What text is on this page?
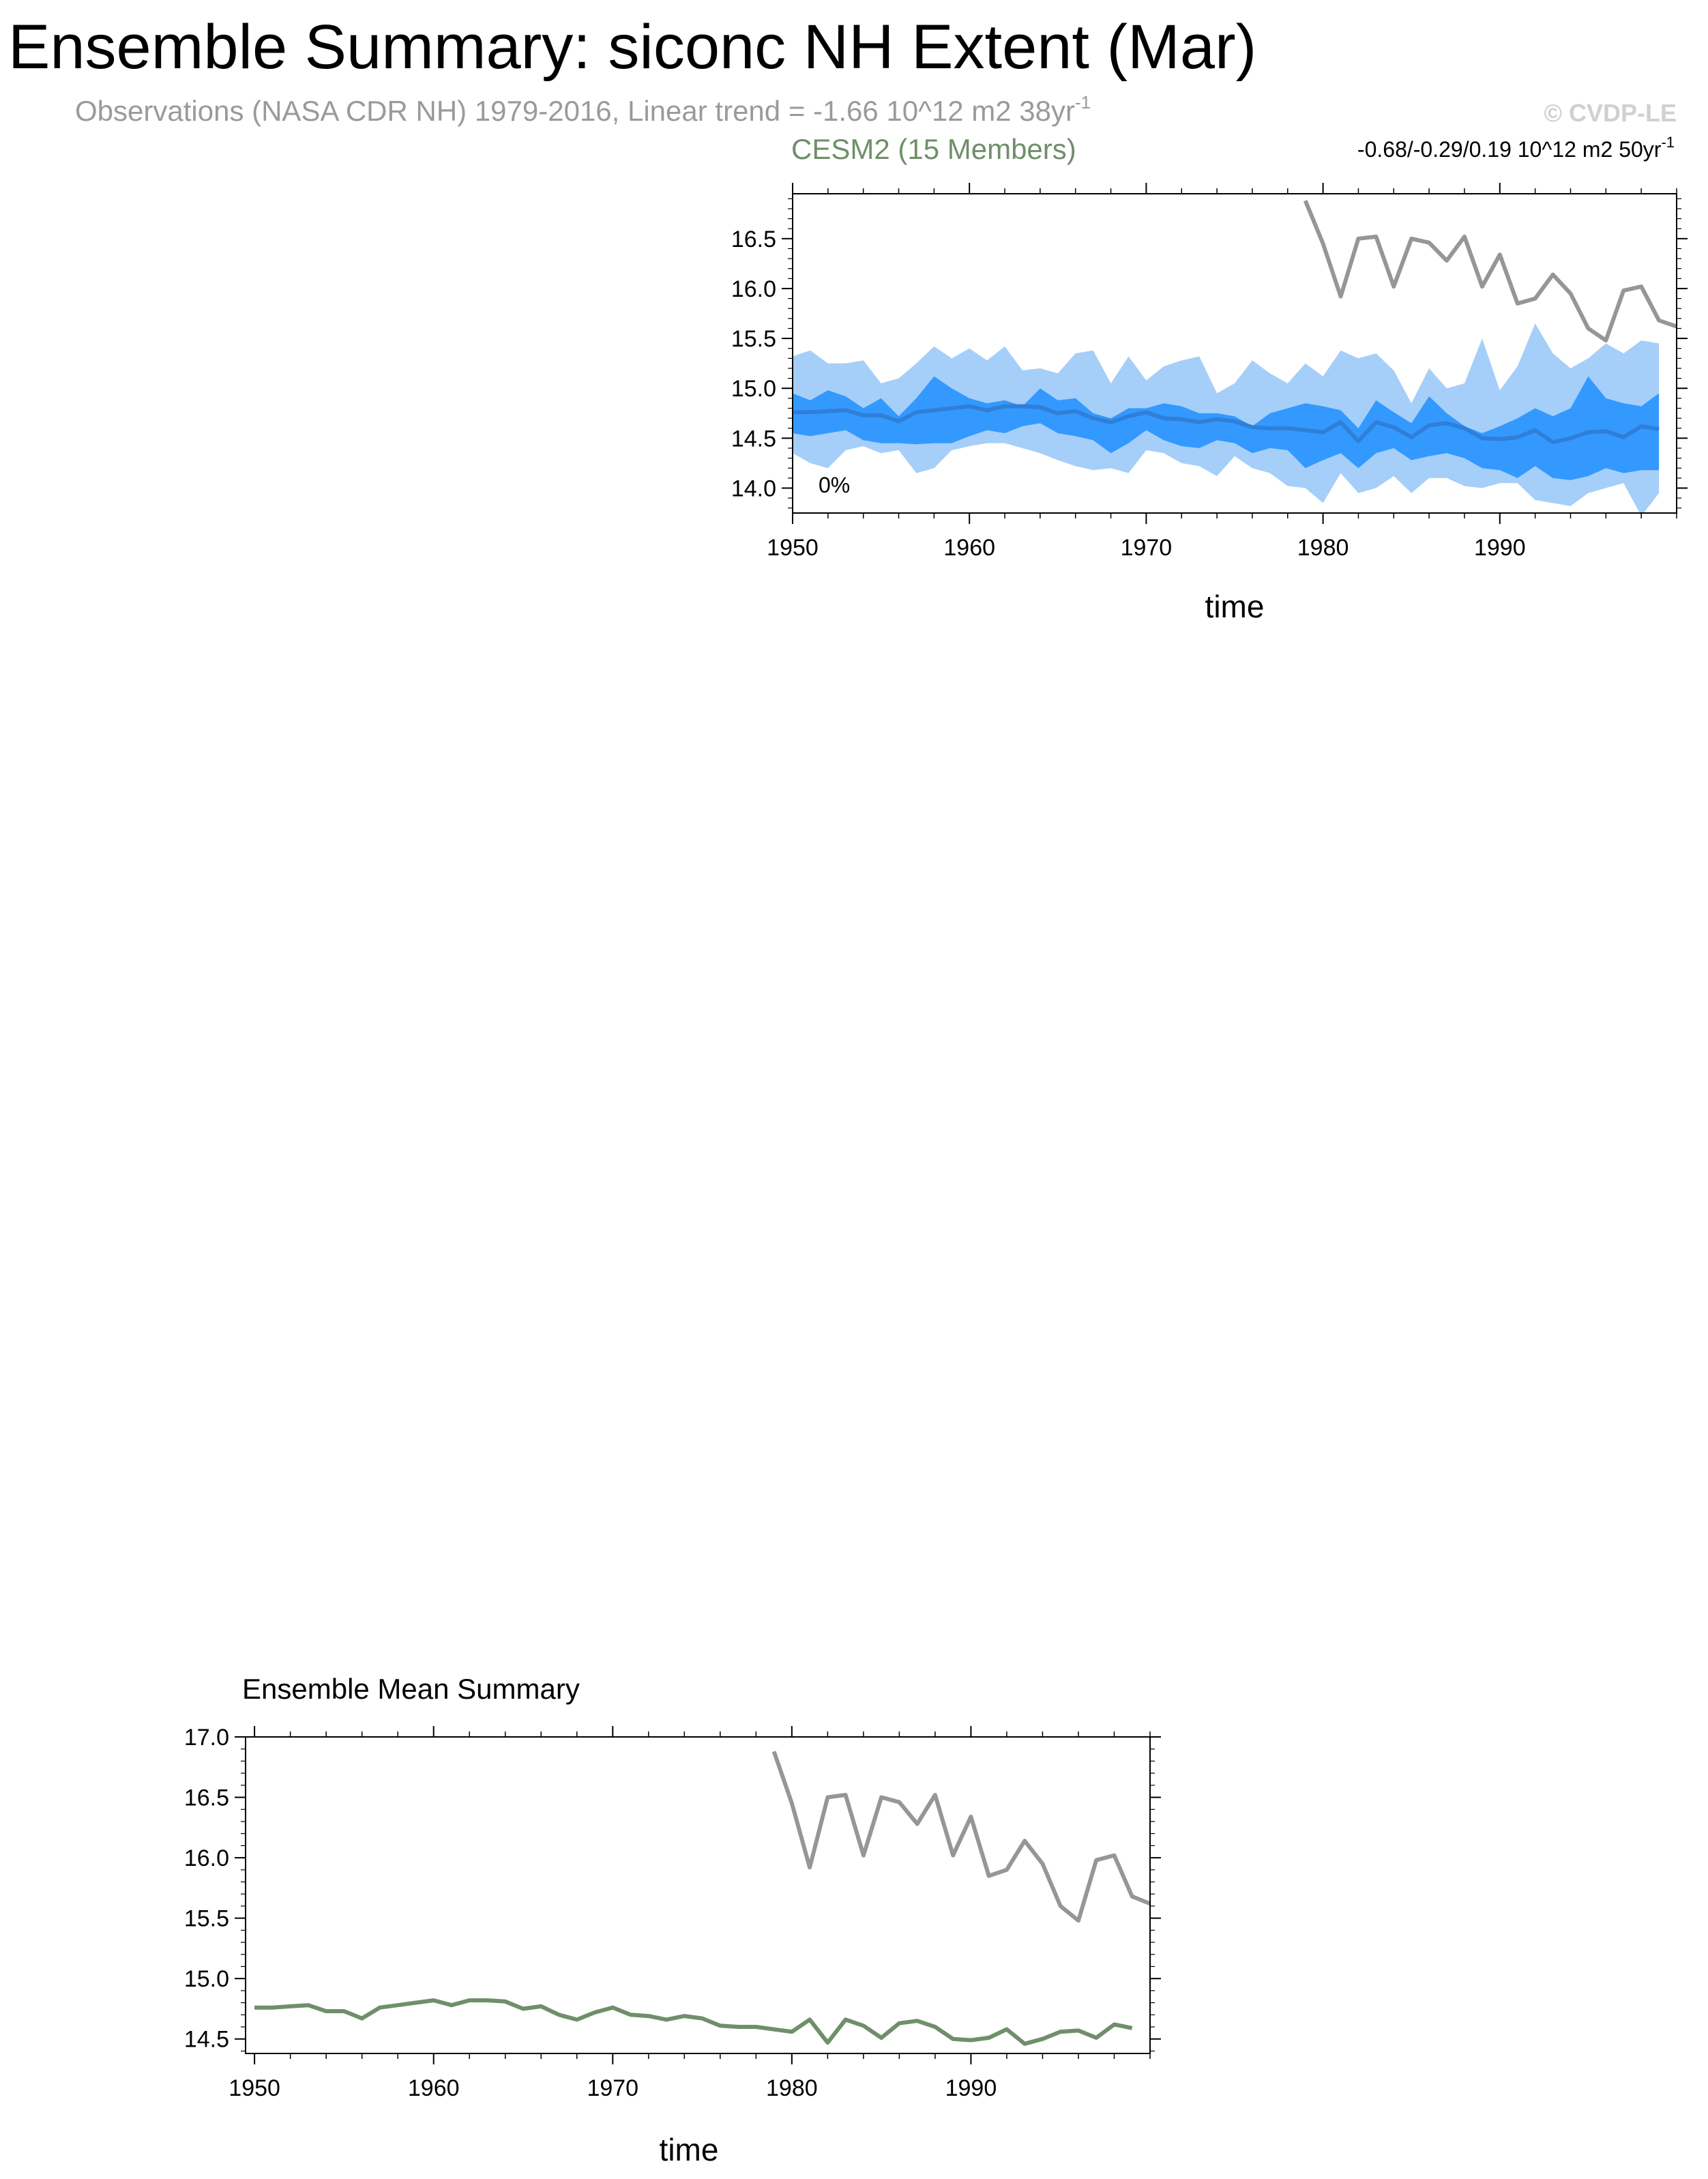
Ensemble Summary: siconc NH Extent (Mar)
Observations (NASA CDR NH) 1979-2016, Linear trend = -1.66 10^12 m2 $38yr^{-1}$	© CVDP-LE
CESM2 (15 Members)	-0.68/-0.29/0.19 10^12 m2 $50yr^{-1}$
1950	1960	1970	1980	1990
14.0
14.5
15.0
15.5
16.0
16.5
0%
time
Ensemble Mean Summary
1950	1960	1970	1980	1990
14.5
15.0
15.5
16.0
16.5
17.0
time
